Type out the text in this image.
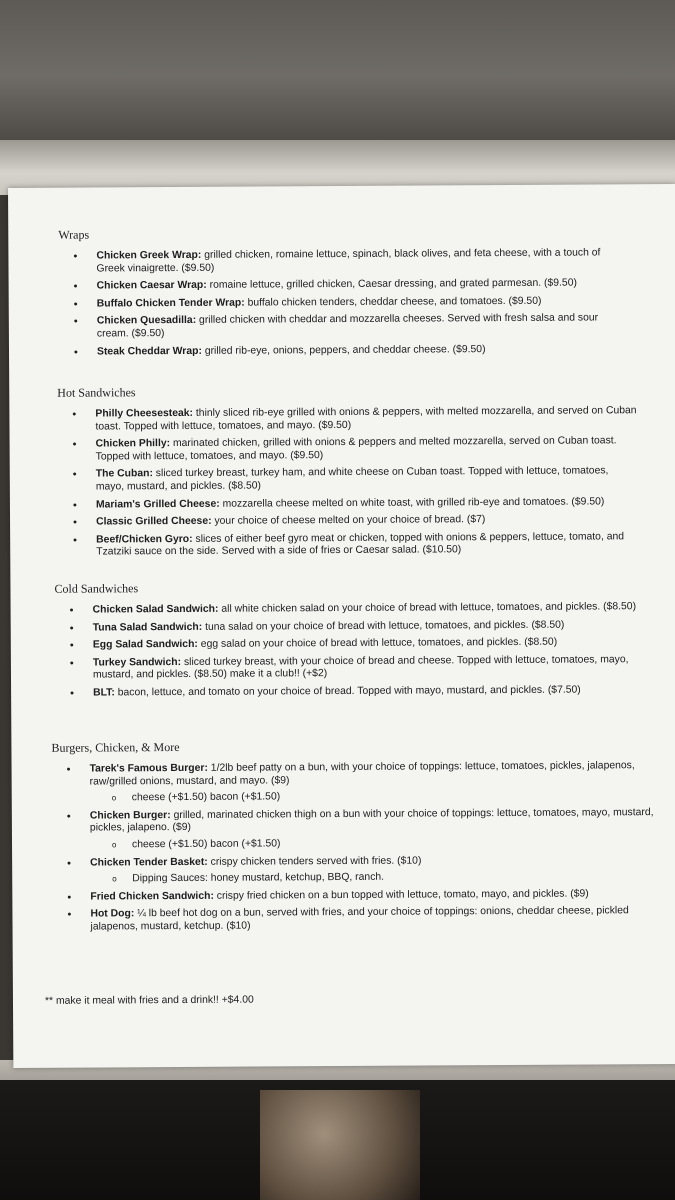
Wraps
• Chicken Greek Wrap: grilled chicken, romaine lettuce, spinach, black olives, and feta cheese, with a touch of Greek vinaigrette. ($9.50)
• Chicken Caesar Wrap: romaine lettuce, grilled chicken, Caesar dressing, and grated parmesan. ($9.50)
• Buffalo Chicken Tender Wrap: buffalo chicken tenders, cheddar cheese, and tomatoes. ($9.50)
• Chicken Quesadilla: grilled chicken with cheddar and mozzarella cheeses. Served with fresh salsa and sour cream. ($9.50)
• Steak Cheddar Wrap: grilled rib-eye, onions, peppers, and cheddar cheese. ($9.50)
Hot Sandwiches
• Philly Cheesesteak: thinly sliced rib-eye grilled with onions & peppers, with melted mozzarella, and served on Cuban toast. Topped with lettuce, tomatoes, and mayo. ($9.50)
• Chicken Philly: marinated chicken, grilled with onions & peppers and melted mozzarella, served on Cuban toast. Topped with lettuce, tomatoes, and mayo. ($9.50)
• The Cuban: sliced turkey breast, turkey ham, and white cheese on Cuban toast. Topped with lettuce, tomatoes, mayo, mustard, and pickles. ($8.50)
• Mariam's Grilled Cheese: mozzarella cheese melted on white toast, with grilled rib-eye and tomatoes. ($9.50)
• Classic Grilled Cheese: your choice of cheese melted on your choice of bread. ($7)
• Beef/Chicken Gyro: slices of either beef gyro meat or chicken, topped with onions & peppers, lettuce, tomato, and Tzatziki sauce on the side. Served with a side of fries or Caesar salad. ($10.50)
Cold Sandwiches
• Chicken Salad Sandwich: all white chicken salad on your choice of bread with lettuce, tomatoes, and pickles. ($8.50)
• Tuna Salad Sandwich: tuna salad on your choice of bread with lettuce, tomatoes, and pickles. ($8.50)
• Egg Salad Sandwich: egg salad on your choice of bread with lettuce, tomatoes, and pickles. ($8.50)
• Turkey Sandwich: sliced turkey breast, with your choice of bread and cheese. Topped with lettuce, tomatoes, mayo, mustard, and pickles. ($8.50) make it a club!! (+$2)
• BLT: bacon, lettuce, and tomato on your choice of bread. Topped with mayo, mustard, and pickles. ($7.50)
Burgers, Chicken, & More
• Tarek's Famous Burger: 1/2lb beef patty on a bun, with your choice of toppings: lettuce, tomatoes, pickles, jalapenos, raw/grilled onions, mustard, and mayo. ($9)
o cheese (+$1.50) bacon (+$1.50)
• Chicken Burger: grilled, marinated chicken thigh on a bun with your choice of toppings: lettuce, tomatoes, mayo, mustard, pickles, jalapeno. ($9)
o cheese (+$1.50) bacon (+$1.50)
• Chicken Tender Basket: crispy chicken tenders served with fries. ($10)
o Dipping Sauces: honey mustard, ketchup, BBQ, ranch.
• Fried Chicken Sandwich: crispy fried chicken on a bun topped with lettuce, tomato, mayo, and pickles. ($9)
• Hot Dog: ¼ lb beef hot dog on a bun, served with fries, and your choice of toppings: onions, cheddar cheese, pickled jalapenos, mustard, ketchup. ($10)
** make it meal with fries and a drink!! +$4.00
